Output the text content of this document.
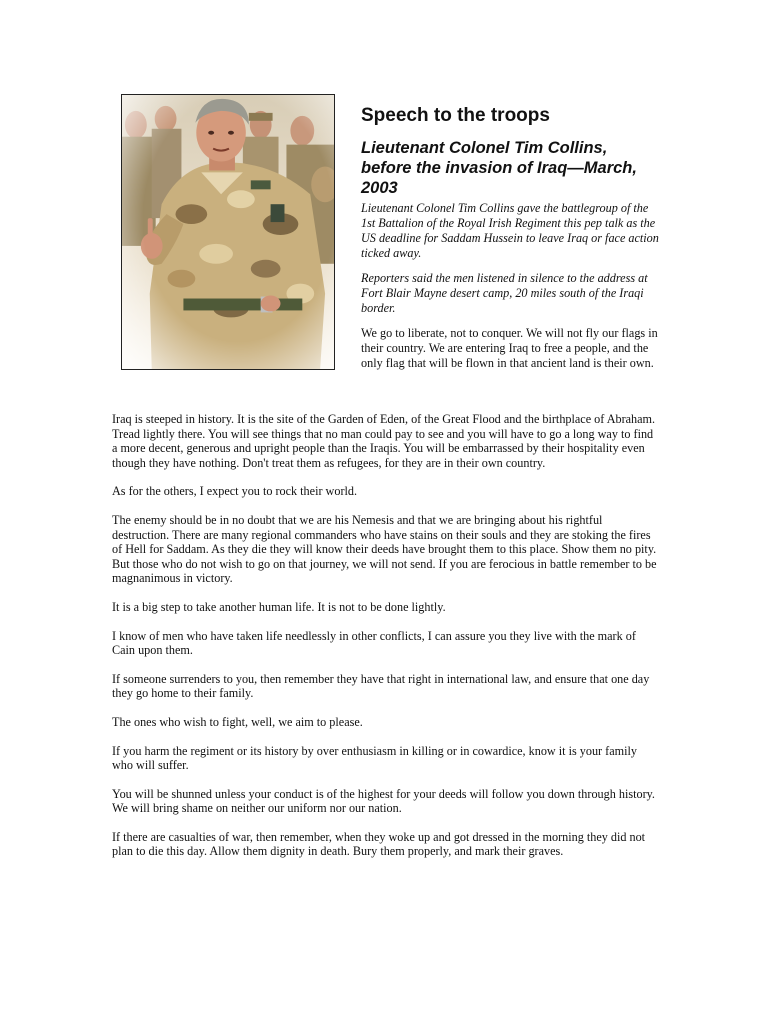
Speech to the troops
Lieutenant Colonel Tim Collins, before the invasion of Iraq—March, 2003

Lieutenant Colonel Tim Collins gave the battlegroup of the 1st Battalion of the Royal Irish Regiment this pep talk as the US deadline for Saddam Hussein to leave Iraq or face action ticked away.

Reporters said the men listened in silence to the address at Fort Blair Mayne desert camp, 20 miles south of the Iraqi border.

We go to liberate, not to conquer. We will not fly our flags in their country. We are entering Iraq to free a people, and the only flag that will be flown in that ancient land is their own.

Iraq is steeped in history. It is the site of the Garden of Eden, of the Great Flood and the birthplace of Abraham. Tread lightly there. You will see things that no man could pay to see and you will have to go a long way to find a more decent, generous and upright people than the Iraqis. You will be embarrassed by their hospitality even though they have nothing. Don't treat them as refugees, for they are in their own country.

As for the others, I expect you to rock their world.

The enemy should be in no doubt that we are his Nemesis and that we are bringing about his rightful destruction. There are many regional commanders who have stains on their souls and they are stoking the fires of Hell for Saddam. As they die they will know their deeds have brought them to this place. Show them no pity. But those who do not wish to go on that journey, we will not send. If you are ferocious in battle remember to be magnanimous in victory.

It is a big step to take another human life. It is not to be done lightly.

I know of men who have taken life needlessly in other conflicts, I can assure you they live with the mark of Cain upon them.

If someone surrenders to you, then remember they have that right in international law, and ensure that one day they go home to their family.

The ones who wish to fight, well, we aim to please.

If you harm the regiment or its history by over enthusiasm in killing or in cowardice, know it is your family who will suffer.

You will be shunned unless your conduct is of the highest for your deeds will follow you down through history. We will bring shame on neither our uniform nor our nation.

If there are casualties of war, then remember, when they woke up and got dressed in the morning they did not plan to die this day. Allow them dignity in death. Bury them properly, and mark their graves.
